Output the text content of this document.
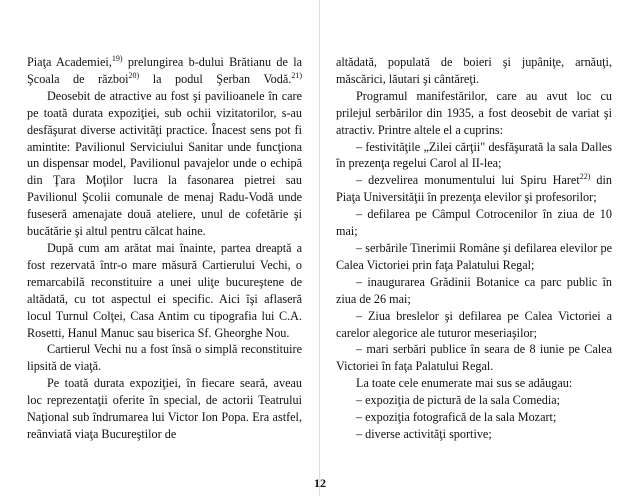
Piaţa Academiei,$^{19)}$ prelungirea b-dului Brătianu de la Şcoala de război$^{20)}$ la podul Şerban Vodă.$^{21)}$

Deosebit de atractive au fost şi pavilioanele în care pe toată durata expoziţiei, sub ochii vizitatorilor, s-au desfăşurat diverse activităţi practice. Înacest sens pot fi amintite: Pavilionul Serviciului Sanitar unde funcţiona un dispensar model, Pavilionul pavajelor unde o echipă din Ţara Moţilor lucra la fasonarea pietrei sau Pavilionul Şcolii comunale de menaj Radu-Vodă unde fuseseră amenajate două ateliere, unul de cofetărie şi bucătărie şi altul pentru călcat haine.

După cum am arătat mai înainte, partea dreaptă a fost rezervată într-o mare măsură Cartierului Vechi, o remarcabilă reconstituire a unei uliţe bucureştene de altădată, cu tot aspectul ei specific. Aici îşi aflaseră locul Turnul Colţei, Casa Antim cu tipografia lui C.A. Rosetti, Hanul Manuc sau biserica Sf. Gheorghe Nou.

Cartierul Vechi nu a fost însă o simplă reconstituire lipsită de viaţă.

Pe toată durata expoziţiei, în fiecare seară, aveau loc reprezentaţii oferite în special, de actorii Teatrului Naţional sub îndrumarea lui Victor Ion Popa. Era astfel, reânviată viaţa Bucureştilor de

altădată, populată de boieri şi jupâniţe, arnăuţi, măscărici, lăutari şi cântăreţi.

Programul manifestărilor, care au avut loc cu prilejul serbărilor din 1935, a fost deosebit de variat şi atractiv. Printre altele el a cuprins:

– festivităţile „Zilei cărţii" desfăşurată la sala Dalles în prezenţa regelui Carol al II-lea;

– dezvelirea monumentului lui Spiru Haret$^{22)}$ din Piaţa Universităţii în prezenţa elevilor şi profesorilor;

– defilarea pe Câmpul Cotrocenilor în ziua de 10 mai;

– serbările Tinerimii Române şi defilarea elevilor pe Calea Victoriei prin faţa Palatului Regal;

– inaugurarea Grădinii Botanice ca parc public în ziua de 26 mai;

– Ziua breslelor şi defilarea pe Calea Victoriei a carelor alegorice ale tuturor meseriaşilor;

– mari serbări publice în seara de 8 iunie pe Calea Victoriei în faţa Palatului Regal.

La toate cele enumerate mai sus se adăugau:

– expoziţia de pictură de la sala Comedia;

– expoziţia fotografică de la sala Mozart;

– diverse activităţi sportive;

12
